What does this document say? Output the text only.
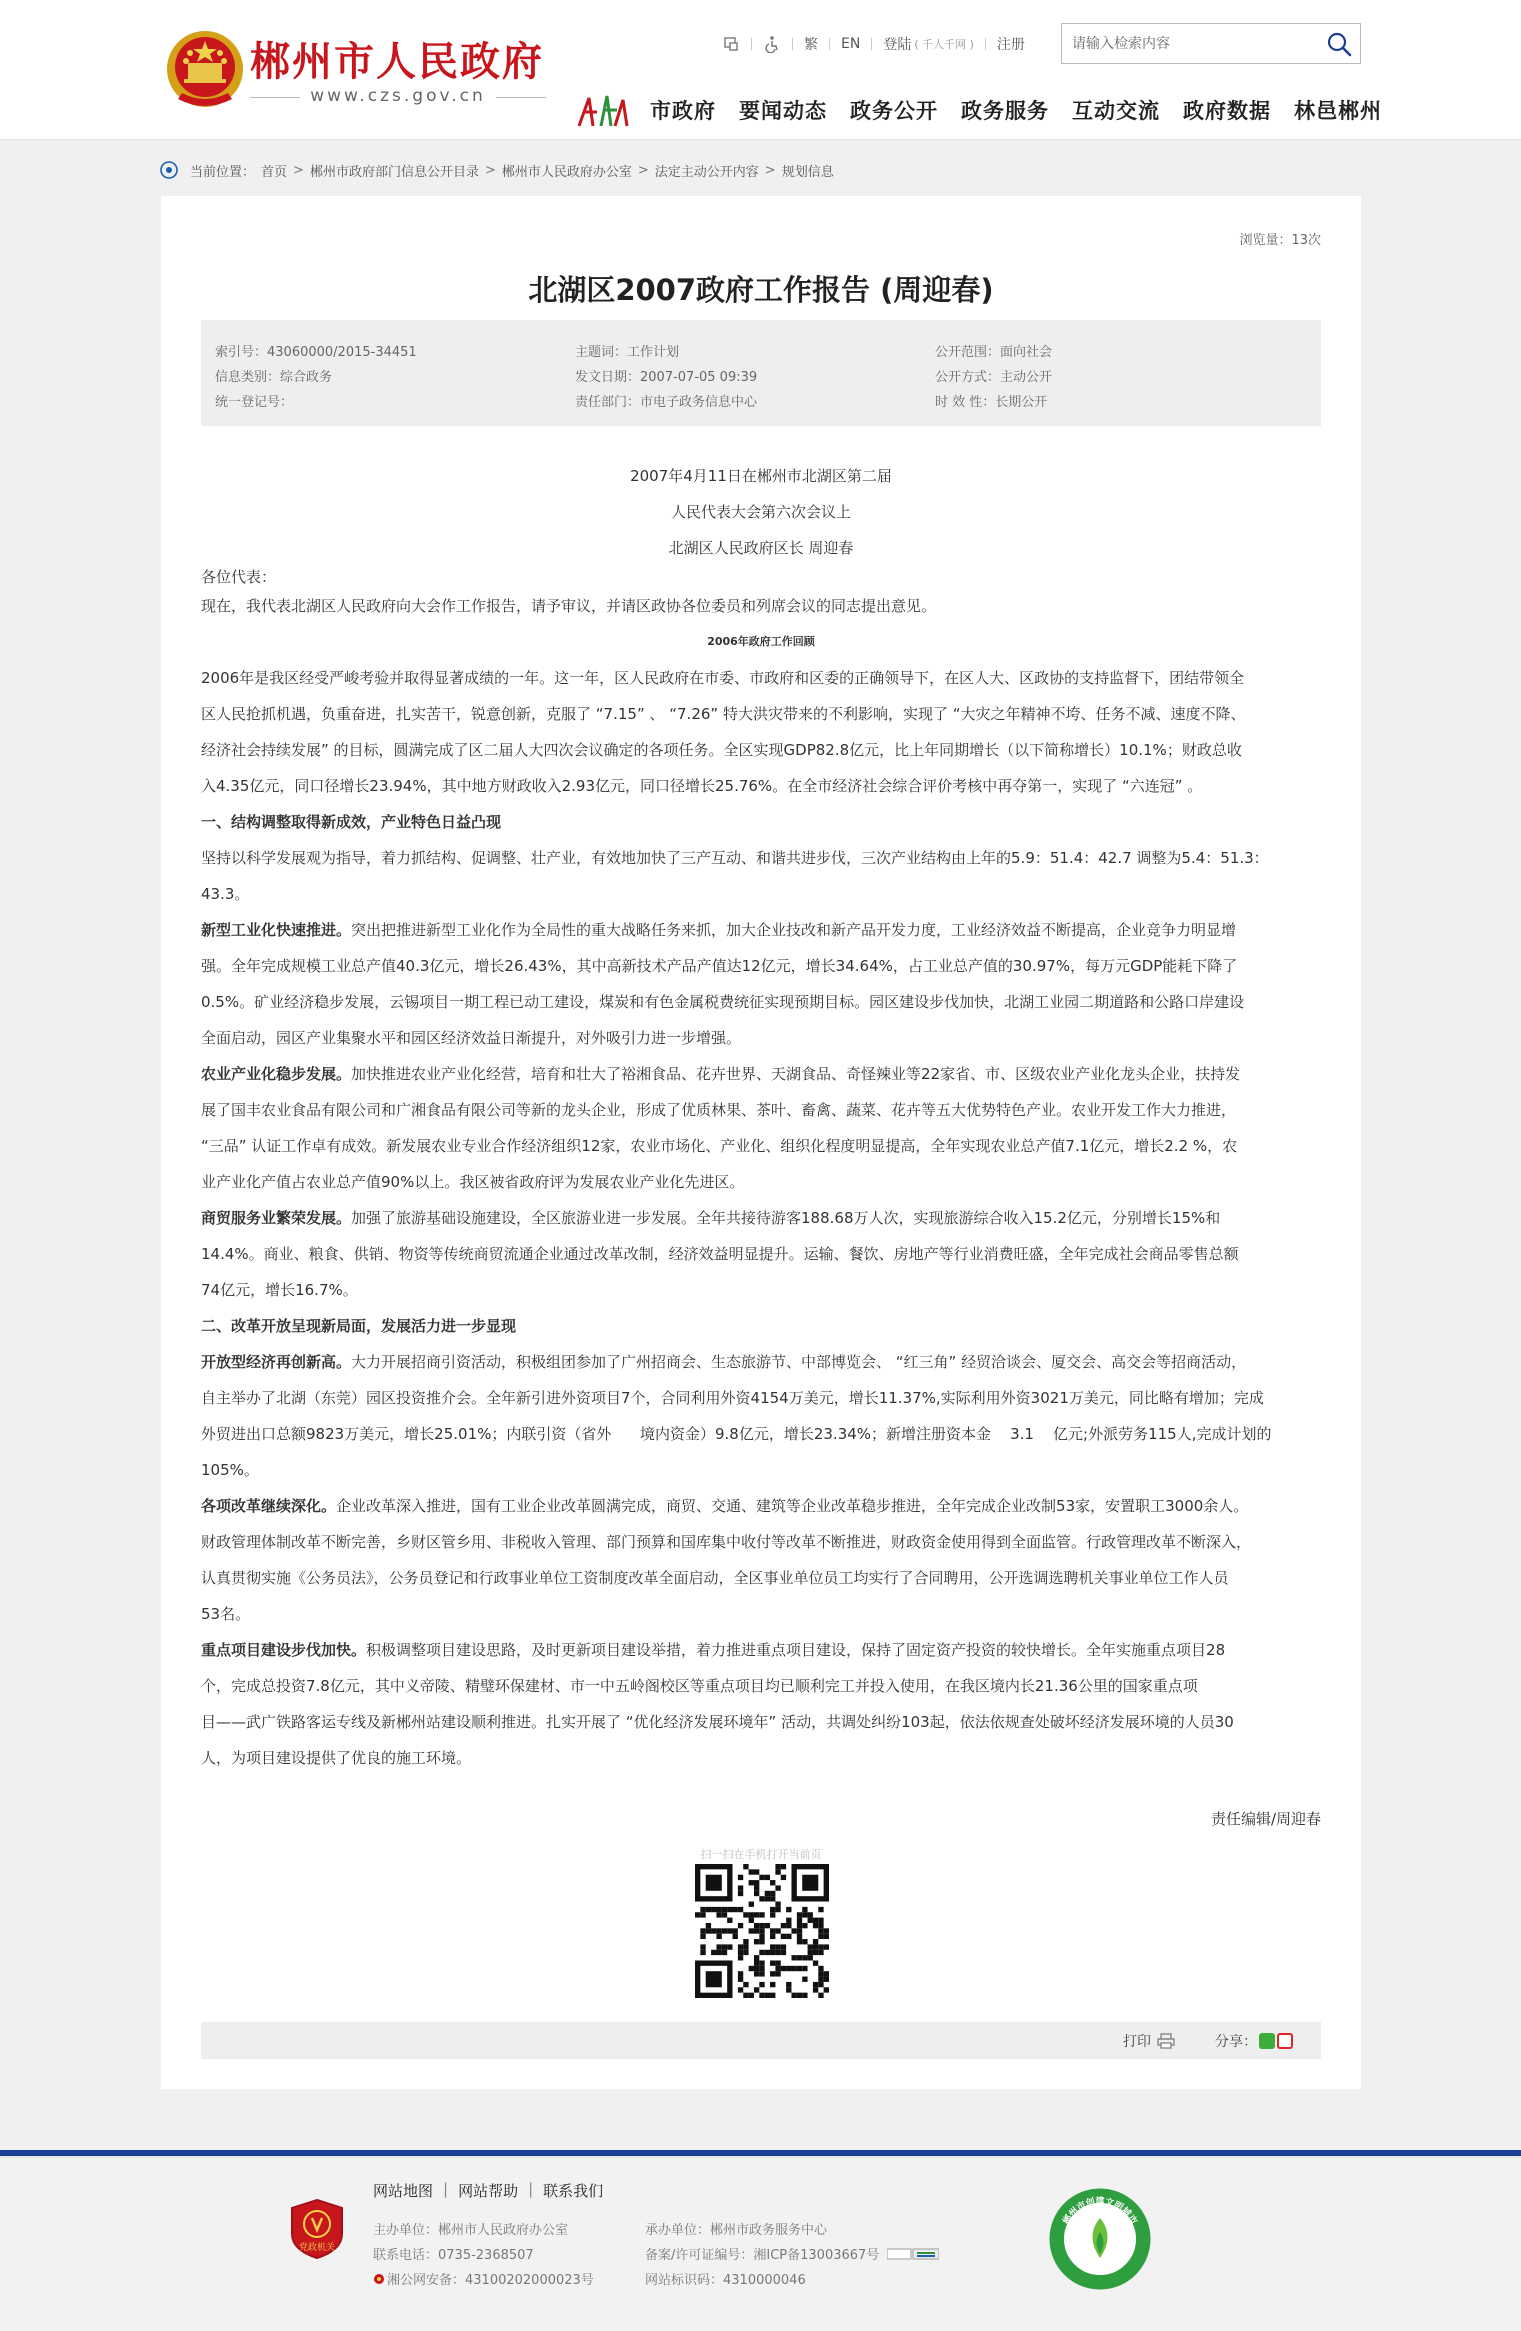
郴州市人民政府
www.czs.gov.cn
繁 EN 登陆 ( 千人千网 ) 注册
请输入检索内容
市政府 要闻动态 政务公开 政务服务 互动交流 政府数据 林邑郴州
当前位置： 首页 > 郴州市政府部门信息公开目录 > 郴州市人民政府办公室 > 法定主动公开内容 > 规划信息
浏览量：13次
北湖区2007政府工作报告 (周迎春)
索引号：43060000/2015-34451
信息类别：综合政务
统一登记号：
主题词：工作计划
发文日期：2007-07-05 09:39
责任部门：市电子政务信息中心
公开范围：面向社会
公开方式：主动公开
时 效 性：长期公开
2007年4月11日在郴州市北湖区第二届
人民代表大会第六次会议上
北湖区人民政府区长 周迎春
各位代表：
现在，我代表北湖区人民政府向大会作工作报告，请予审议，并请区政协各位委员和列席会议的同志提出意见。
2006年政府工作回顾
2006年是我区经受严峻考验并取得显著成绩的一年。这一年，区人民政府在市委、市政府和区委的正确领导下，在区人大、区政协的支持监督下，团结带领全
区人民抢抓机遇，负重奋进，扎实苦干，锐意创新，克服了 “7.15” 、 “7.26” 特大洪灾带来的不利影响，实现了 “大灾之年精神不垮、任务不减、速度不降、
经济社会持续发展” 的目标，圆满完成了区二届人大四次会议确定的各项任务。全区实现GDP82.8亿元，比上年同期增长（以下简称增长）10.1%；财政总收
入4.35亿元，同口径增长23.94%，其中地方财政收入2.93亿元，同口径增长25.76%。在全市经济社会综合评价考核中再夺第一，实现了 “六连冠” 。
一、结构调整取得新成效，产业特色日益凸现
坚持以科学发展观为指导，着力抓结构、促调整、壮产业，有效地加快了三产互动、和谐共进步伐，三次产业结构由上年的5.9：51.4：42.7 调整为5.4：51.3：
43.3。
新型工业化快速推进。突出把推进新型工业化作为全局性的重大战略任务来抓，加大企业技改和新产品开发力度，工业经济效益不断提高，企业竞争力明显增
强。全年完成规模工业总产值40.3亿元，增长26.43%，其中高新技术产品产值达12亿元，增长34.64%，占工业总产值的30.97%，每万元GDP能耗下降了
0.5%。矿业经济稳步发展，云锡项目一期工程已动工建设，煤炭和有色金属税费统征实现预期目标。园区建设步伐加快，北湖工业园二期道路和公路口岸建设
全面启动，园区产业集聚水平和园区经济效益日渐提升，对外吸引力进一步增强。
农业产业化稳步发展。加快推进农业产业化经营，培育和壮大了裕湘食品、花卉世界、天湖食品、奇怪辣业等22家省、市、区级农业产业化龙头企业，扶持发
展了国丰农业食品有限公司和广湘食品有限公司等新的龙头企业，形成了优质林果、茶叶、畜禽、蔬菜、花卉等五大优势特色产业。农业开发工作大力推进，
“三品” 认证工作卓有成效。新发展农业专业合作经济组织12家，农业市场化、产业化、组织化程度明显提高，全年实现农业总产值7.1亿元，增长2.2 %，农
业产业化产值占农业总产值90%以上。我区被省政府评为发展农业产业化先进区。
商贸服务业繁荣发展。加强了旅游基础设施建设，全区旅游业进一步发展。全年共接待游客188.68万人次，实现旅游综合收入15.2亿元，分别增长15%和
14.4%。商业、粮食、供销、物资等传统商贸流通企业通过改革改制，经济效益明显提升。运输、餐饮、房地产等行业消费旺盛，全年完成社会商品零售总额
74亿元，增长16.7%。
二、改革开放呈现新局面，发展活力进一步显现
开放型经济再创新高。大力开展招商引资活动，积极组团参加了广州招商会、生态旅游节、中部博览会、 “红三角” 经贸洽谈会、厦交会、高交会等招商活动，
自主举办了北湖（东莞）园区投资推介会。全年新引进外资项目7个，合同利用外资4154万美元，增长11.37%,实际利用外资3021万美元，同比略有增加；完成
外贸进出口总额9823万美元，增长25.01%；内联引资（省外      境内资金）9.8亿元，增长23.34%；新增注册资本金    3.1    亿元;外派劳务115人,完成计划的
105%。
各项改革继续深化。企业改革深入推进，国有工业企业改革圆满完成，商贸、交通、建筑等企业改革稳步推进，全年完成企业改制53家，安置职工3000余人。
财政管理体制改革不断完善，乡财区管乡用、非税收入管理、部门预算和国库集中收付等改革不断推进，财政资金使用得到全面监管。行政管理改革不断深入，
认真贯彻实施《公务员法》，公务员登记和行政事业单位工资制度改革全面启动，全区事业单位员工均实行了合同聘用，公开选调选聘机关事业单位工作人员
53名。
重点项目建设步伐加快。积极调整项目建设思路，及时更新项目建设举措，着力推进重点项目建设，保持了固定资产投资的较快增长。全年实施重点项目28
个，完成总投资7.8亿元，其中义帝陵、精璧环保建材、市一中五岭阁校区等重点项目均已顺利完工并投入使用，在我区境内长21.36公里的国家重点项
目——武广铁路客运专线及新郴州站建设顺利推进。扎实开展了 “优化经济发展环境年” 活动，共调处纠纷103起，依法依规查处破坏经济发展环境的人员30
人，为项目建设提供了优良的施工环境。
责任编辑/周迎春
扫一扫在手机打开当前页
打印	分享：
党政机关
网站地图 | 网站帮助 | 联系我们
主办单位：郴州市人民政府办公室
联系电话：0735-2368507
湘公网安备：43100202000023号
承办单位：郴州市政务服务中心
备案/许可证编号：湘ICP备13003667号
网站标识码：4310000046
郴州市创建文明城市
